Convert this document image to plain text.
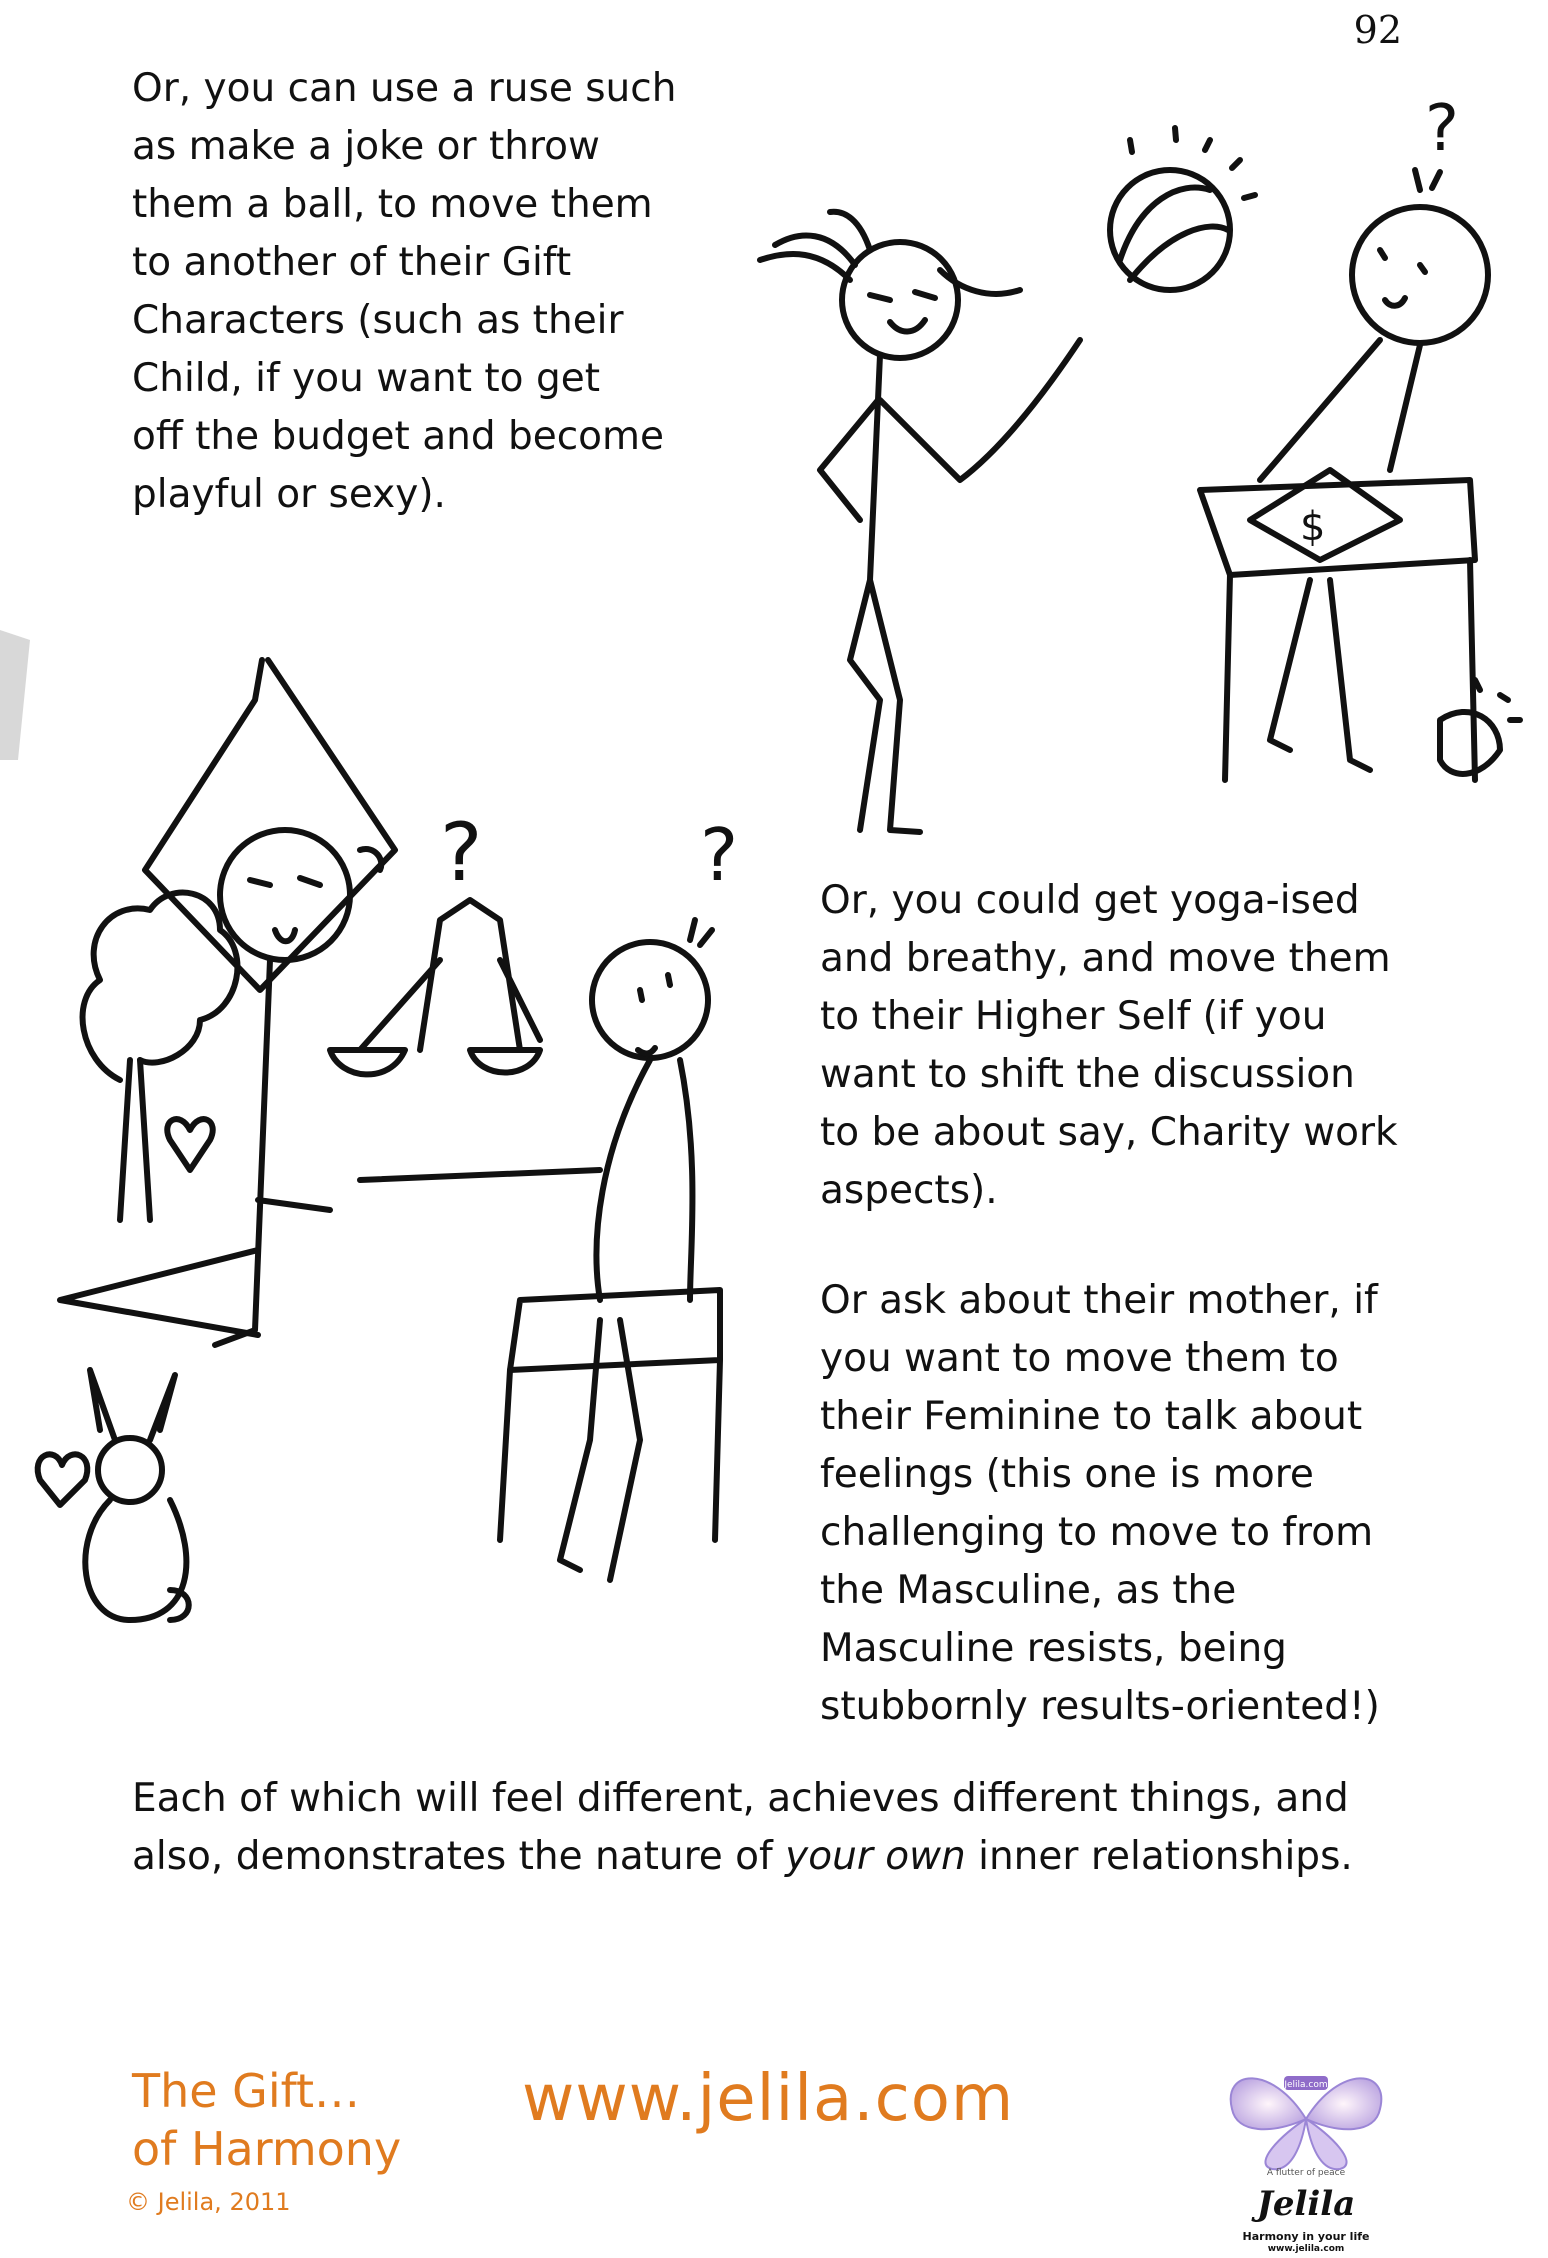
92

Or, you can use a ruse such
as make a joke or throw
them a ball, to move them
to another of their Gift
Characters (such as their
Child, if you want to get
off the budget and become
playful or sexy).

Or, you could get yoga-ised
and breathy, and move them
to their Higher Self (if you
want to shift the discussion
to be about say, Charity work
aspects).

Or ask about their mother, if
you want to move them to
their Feminine to talk about
feelings (this one is more
challenging to move to from
the Masculine, as the
Masculine resists, being
stubbornly results-oriented!)

Each of which will feel different, achieves different things, and also, demonstrates the nature of your own inner relationships.

?
$
?	?
The Gift…
of Harmony
© Jelila, 2011
www.jelila.com	Jelila.com
A flutter of peace
Jelila
Harmony in your life
www.jelila.com
